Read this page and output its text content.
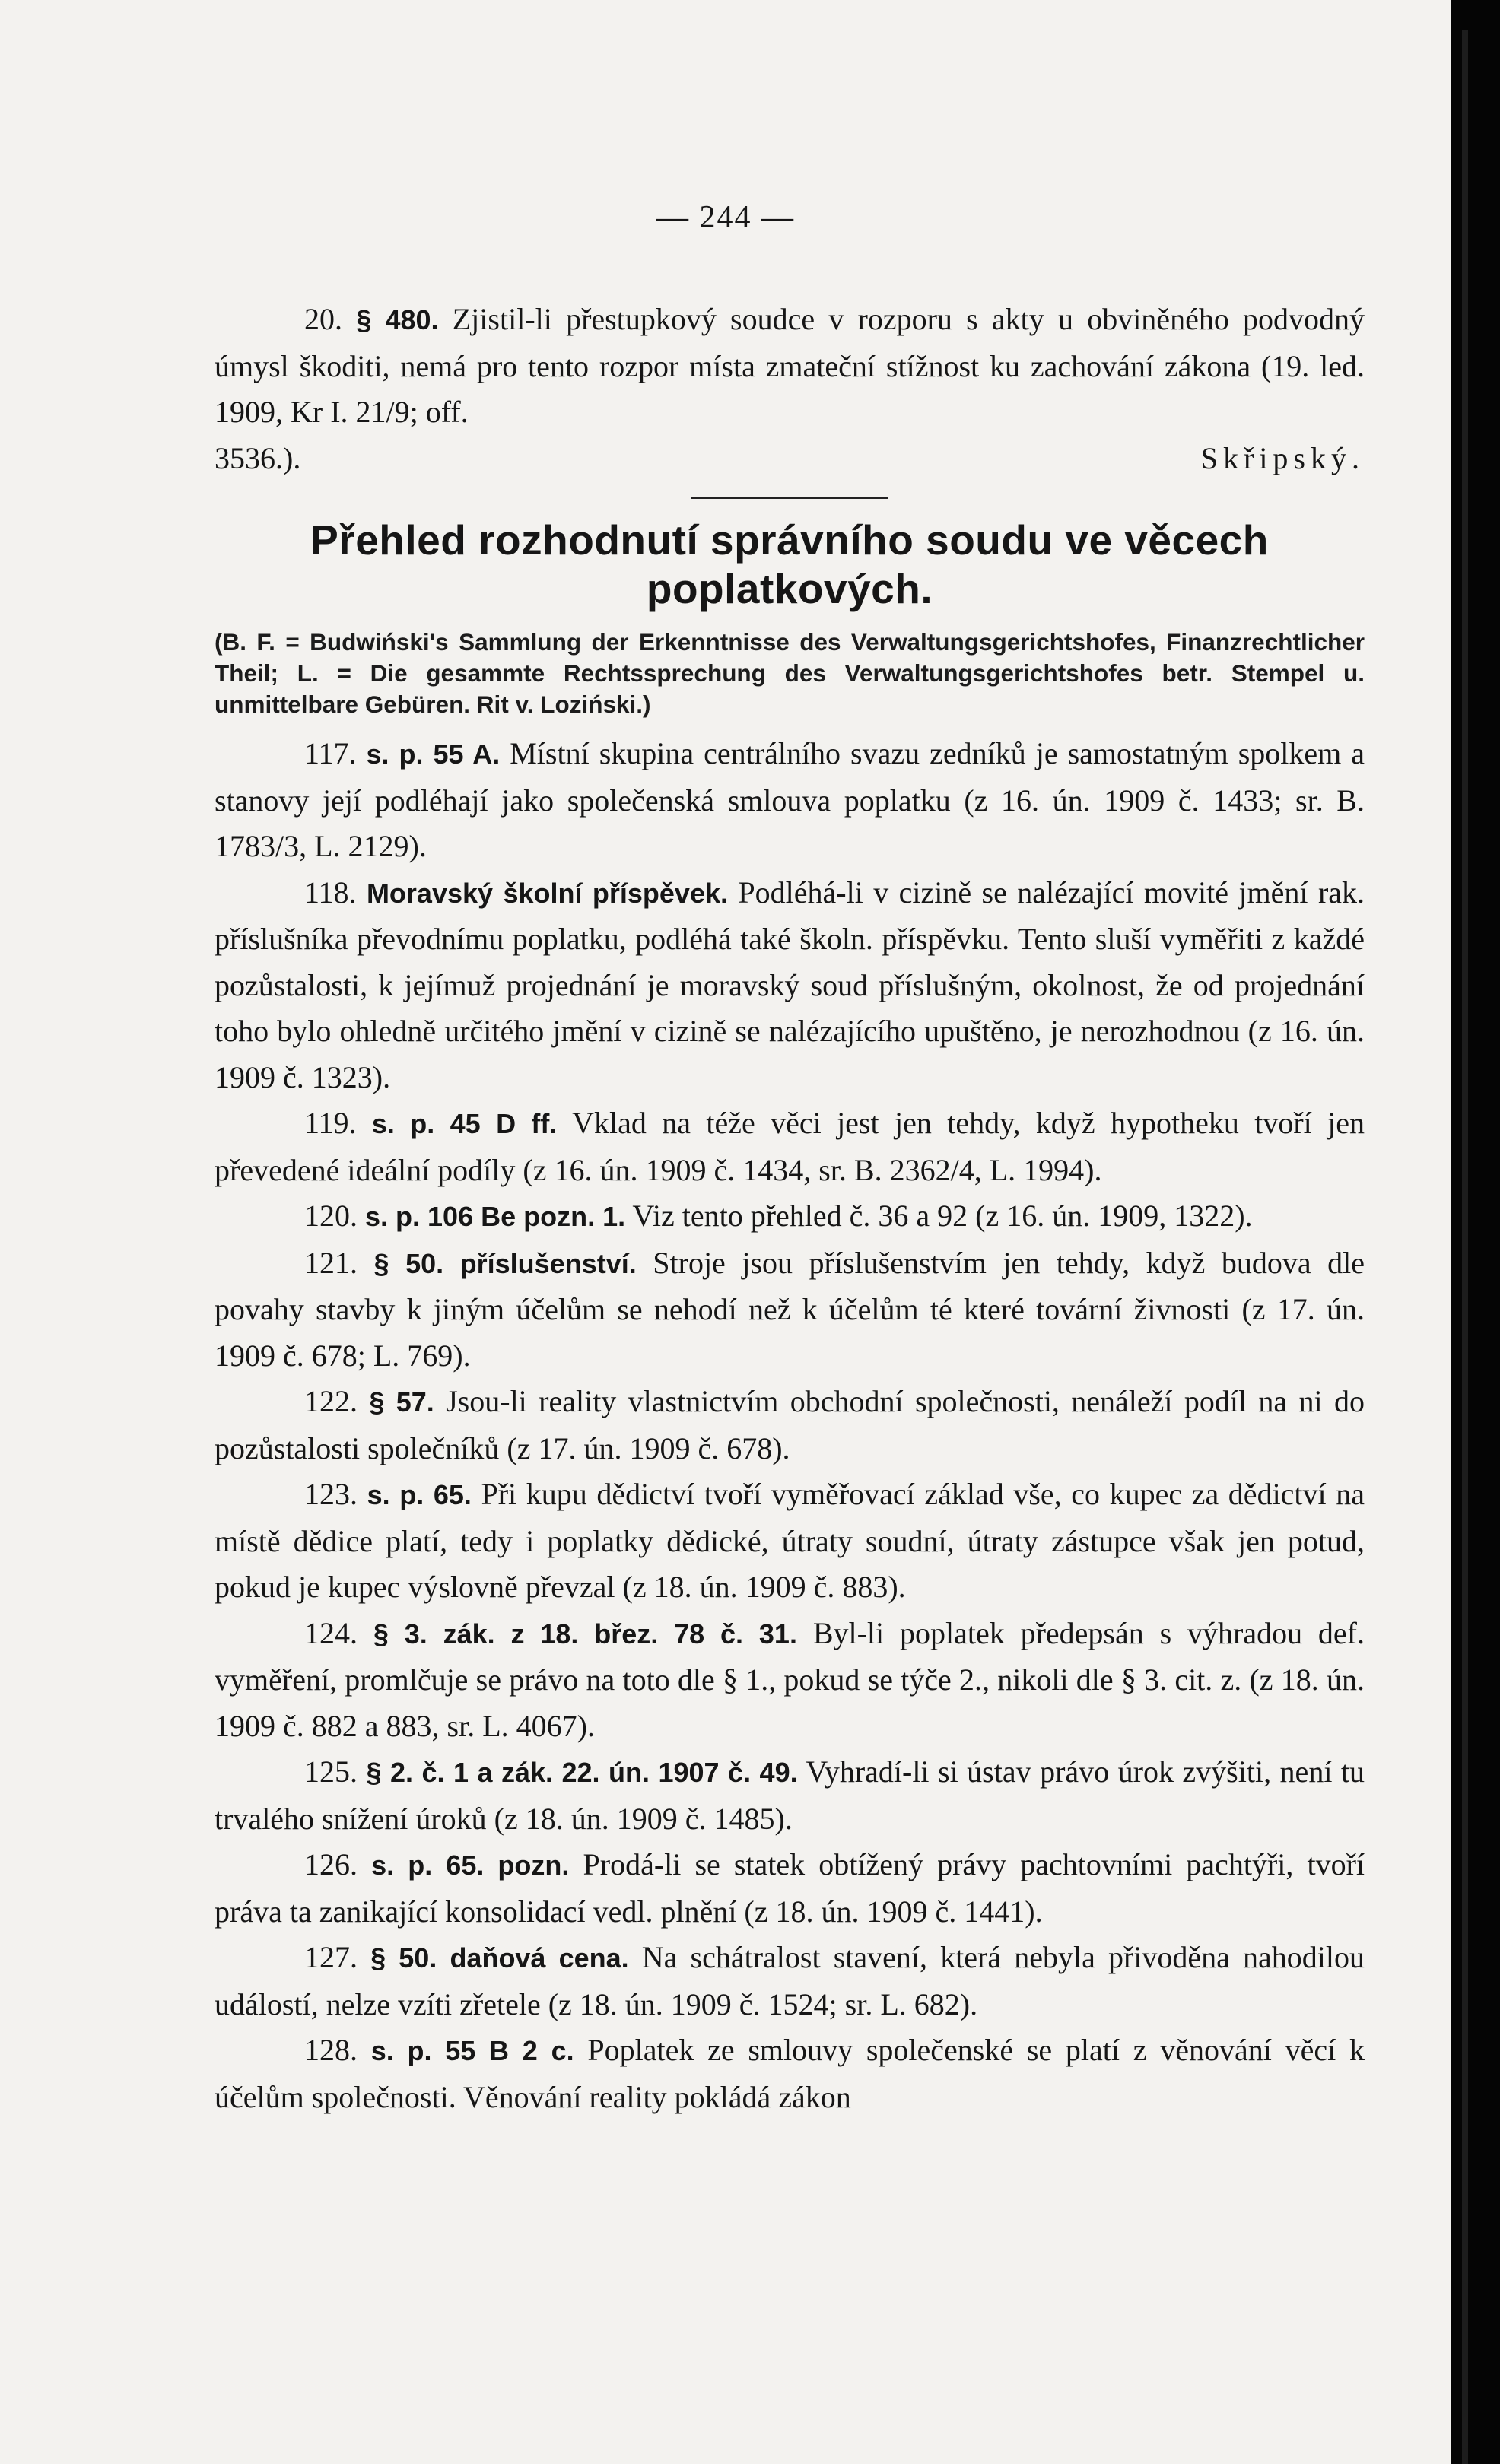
— 244 —

20. § 480. Zjistil-li přestupkový soudce v rozporu s akty u obviněného podvodný úmysl škoditi, nemá pro tento rozpor místa zmateční stížnost ku zachování zákona (19. led. 1909, Kr I. 21/9; off.

3536.).	Skřipský.

Přehled rozhodnutí správního soudu ve věcech
poplatkových.
(B. F. = Budwiński's Sammlung der Erkenntnisse des Verwaltungsgerichtshofes, Finanzrechtlicher Theil; L. = Die gesammte Rechtssprechung des Verwaltungsgerichtshofes betr. Stempel u. unmittelbare Gebüren. Rit v. Loziński.)

117. s. p. 55 A. Místní skupina centrálního svazu zedníků je samostatným spolkem a stanovy její podléhají jako společenská smlouva poplatku (z 16. ún. 1909 č. 1433; sr. B. 1783/3, L. 2129).

118. Moravský školní příspěvek. Podléhá-li v cizině se nalézající movité jmění rak. příslušníka převodnímu poplatku, podléhá také školn. příspěvku. Tento sluší vyměřiti z každé pozůstalosti, k jejímuž projednání je moravský soud příslušným, okolnost, že od projednání toho bylo ohledně určitého jmění v cizině se nalézajícího upuštěno, je nerozhodnou (z 16. ún. 1909 č. 1323).

119. s. p. 45 D ff. Vklad na téže věci jest jen tehdy, když hypotheku tvoří jen převedené ideální podíly (z 16. ún. 1909 č. 1434, sr. B. 2362/4, L. 1994).

120. s. p. 106 Be pozn. 1. Viz tento přehled č. 36 a 92 (z 16. ún. 1909, 1322).

121. § 50. příslušenství. Stroje jsou příslušenstvím jen tehdy, když budova dle povahy stavby k jiným účelům se nehodí než k účelům té které tovární živnosti (z 17. ún. 1909 č. 678; L. 769).

122. § 57. Jsou-li reality vlastnictvím obchodní společnosti, nenáleží podíl na ni do pozůstalosti společníků (z 17. ún. 1909 č. 678).

123. s. p. 65. Při kupu dědictví tvoří vyměřovací základ vše, co kupec za dědictví na místě dědice platí, tedy i poplatky dědické, útraty soudní, útraty zástupce však jen potud, pokud je kupec výslovně převzal (z 18. ún. 1909 č. 883).

124. § 3. zák. z 18. břez. 78 č. 31. Byl-li poplatek předepsán s výhradou def. vyměření, promlčuje se právo na toto dle § 1., pokud se týče 2., nikoli dle § 3. cit. z. (z 18. ún. 1909 č. 882 a 883, sr. L. 4067).

125. § 2. č. 1 a zák. 22. ún. 1907 č. 49. Vyhradí-li si ústav právo úrok zvýšiti, není tu trvalého snížení úroků (z 18. ún. 1909 č. 1485).

126. s. p. 65. pozn. Prodá-li se statek obtížený právy pachtovními pachtýři, tvoří práva ta zanikající konsolidací vedl. plnění (z 18. ún. 1909 č. 1441).

127. § 50. daňová cena. Na schátralost stavení, která nebyla přivoděna nahodilou událostí, nelze vzíti zřetele (z 18. ún. 1909 č. 1524; sr. L. 682).

128. s. p. 55 B 2 c. Poplatek ze smlouvy společenské se platí z věnování věcí k účelům společnosti. Věnování reality pokládá zákon
